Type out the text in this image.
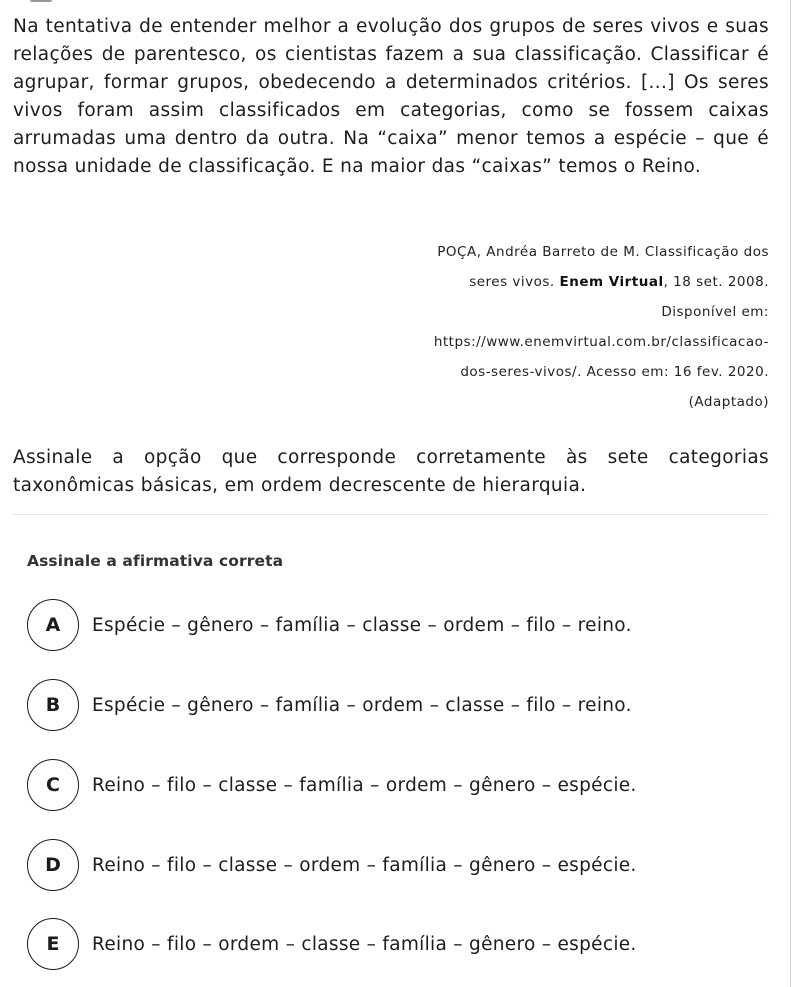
Na tentativa de entender melhor a evolução dos grupos de seres vivos e suas relações de parentesco, os cientistas fazem a sua classificação. Classificar é agrupar, formar grupos, obedecendo a determinados critérios. [...] Os seres vivos foram assim classificados em categorias, como se fossem caixas arrumadas uma dentro da outra. Na “caixa” menor temos a espécie – que é nossa unidade de classificação. E na maior das “caixas” temos o Reino.

POÇA, Andréa Barreto de M. Classificação dos
seres vivos. Enem Virtual, 18 set. 2008.
Disponível em:
https://www.enemvirtual.com.br/classificacao-
dos-seres-vivos/. Acesso em: 16 fev. 2020.
(Adaptado)

Assinale a opção que corresponde corretamente às sete categorias taxonômicas básicas, em ordem decrescente de hierarquia.

Assinale a afirmativa correta
A	Espécie – gênero – família – classe – ordem – filo – reino.
B	Espécie – gênero – família – ordem – classe – filo – reino.
C	Reino – filo – classe – família – ordem – gênero – espécie.
D	Reino – filo – classe – ordem – família – gênero – espécie.
E	Reino – filo – ordem – classe – família – gênero – espécie.
